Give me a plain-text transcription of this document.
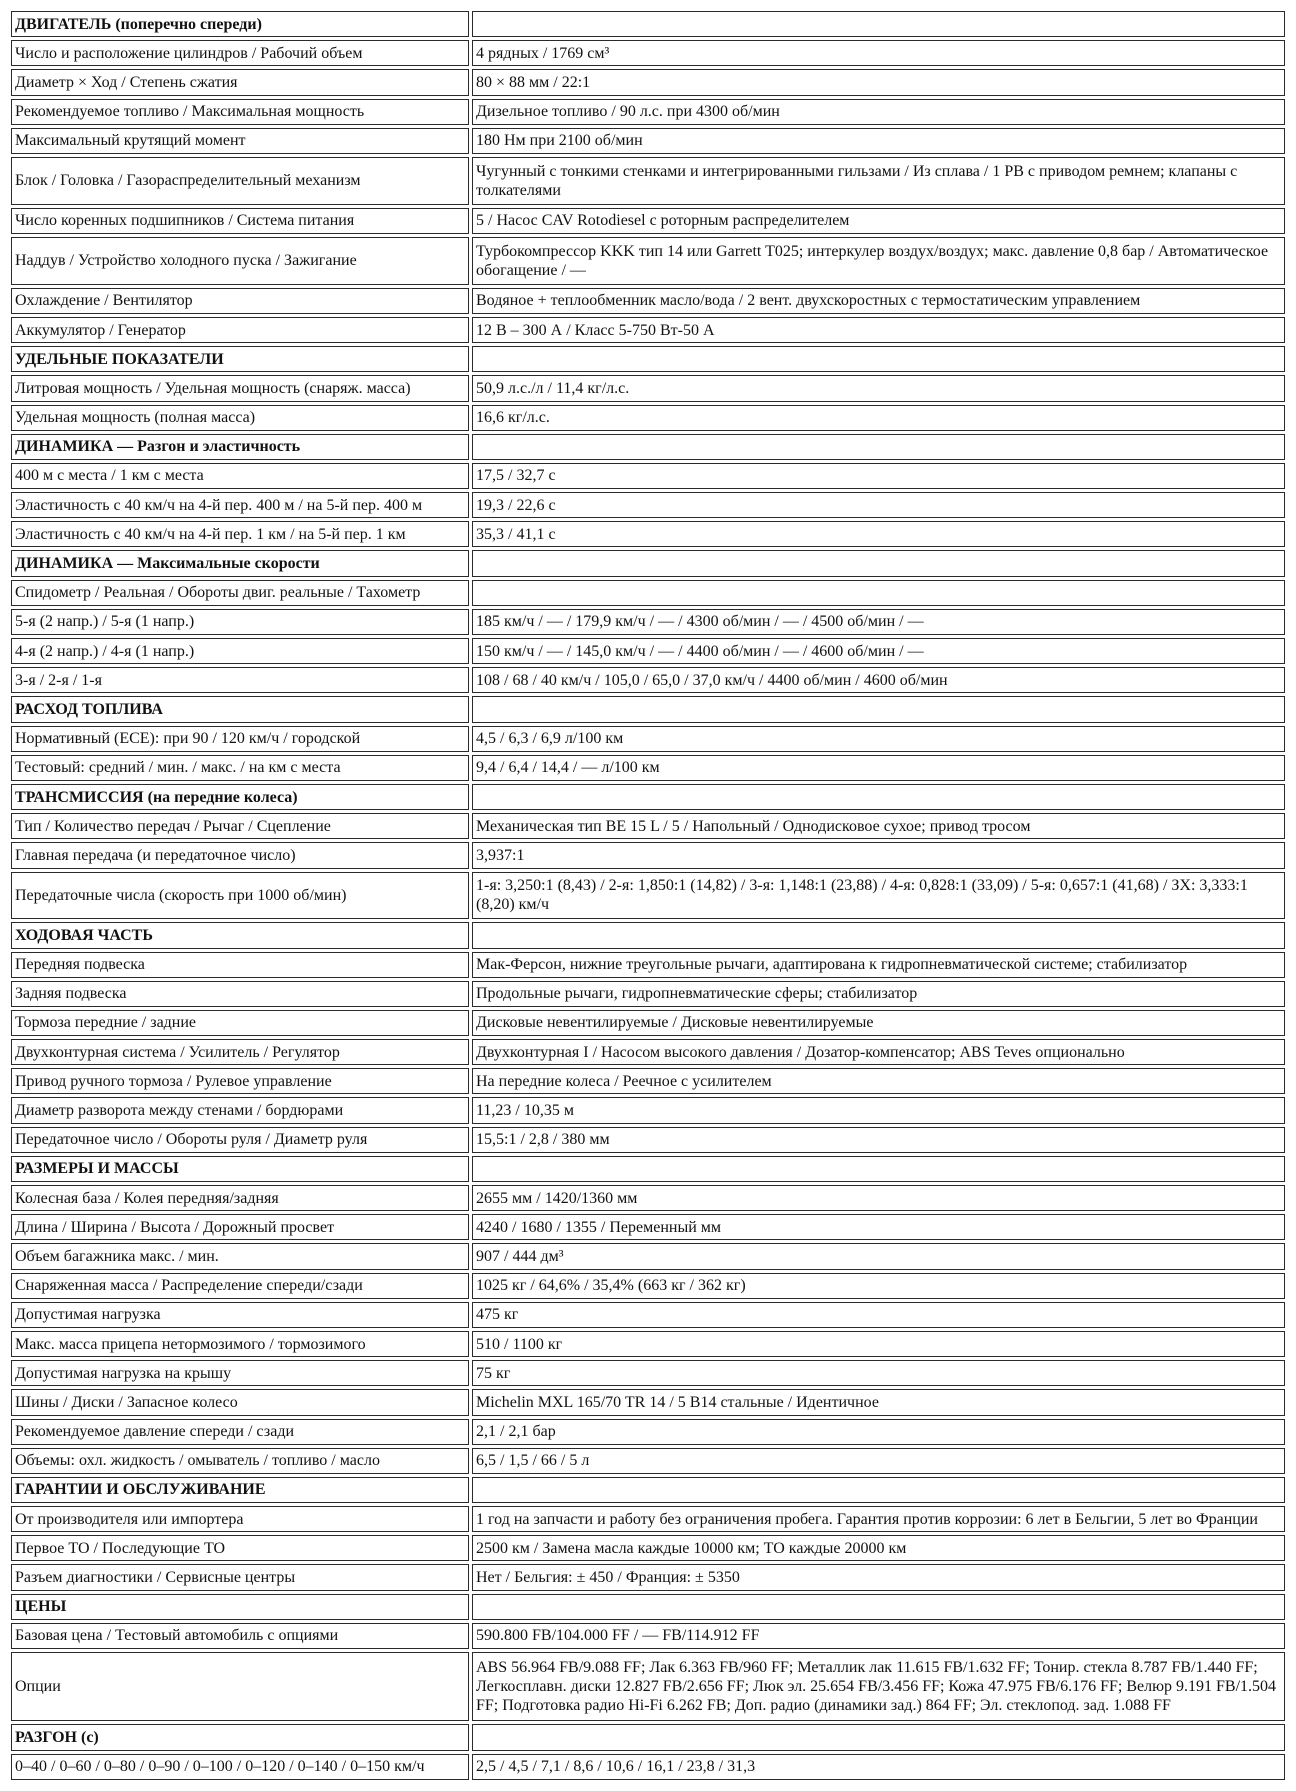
ДВИГАТЕЛЬ (поперечно спереди)	
Число и расположение цилиндров / Рабочий объем	4 рядных / 1769 см³
Диаметр × Ход / Степень сжатия	80 × 88 мм / 22:1
Рекомендуемое топливо / Максимальная мощность	Дизельное топливо / 90 л.с. при 4300 об/мин
Максимальный крутящий момент	180 Нм при 2100 об/мин
Блок / Головка / Газораспределительный механизм	Чугунный с тонкими стенками и интегрированными гильзами / Из сплава / 1 РВ с приводом ремнем; клапаны с толкателями
Число коренных подшипников / Система питания	5 / Насос CAV Rotodiesel с роторным распределителем
Наддув / Устройство холодного пуска / Зажигание	Турбокомпрессор KKK тип 14 или Garrett T025; интеркулер воздух/воздух; макс. давление 0,8 бар / Автоматическое обогащение / —
Охлаждение / Вентилятор	Водяное + теплообменник масло/вода / 2 вент. двухскоростных с термостатическим управлением
Аккумулятор / Генератор	12 В – 300 А / Класс 5-750 Вт-50 А
УДЕЛЬНЫЕ ПОКАЗАТЕЛИ	
Литровая мощность / Удельная мощность (снаряж. масса)	50,9 л.с./л / 11,4 кг/л.с.
Удельная мощность (полная масса)	16,6 кг/л.с.
ДИНАМИКА — Разгон и эластичность	
400 м с места / 1 км с места	17,5 / 32,7 с
Эластичность с 40 км/ч на 4-й пер. 400 м / на 5-й пер. 400 м	19,3 / 22,6 с
Эластичность с 40 км/ч на 4-й пер. 1 км / на 5-й пер. 1 км	35,3 / 41,1 с
ДИНАМИКА — Максимальные скорости	
Спидометр / Реальная / Обороты двиг. реальные / Тахометр	
5-я (2 напр.) / 5-я (1 напр.)	185 км/ч / — / 179,9 км/ч / — / 4300 об/мин / — / 4500 об/мин / —
4-я (2 напр.) / 4-я (1 напр.)	150 км/ч / — / 145,0 км/ч / — / 4400 об/мин / — / 4600 об/мин / —
3-я / 2-я / 1-я	108 / 68 / 40 км/ч / 105,0 / 65,0 / 37,0 км/ч / 4400 об/мин / 4600 об/мин
РАСХОД ТОПЛИВА	
Нормативный (ECE): при 90 / 120 км/ч / городской	4,5 / 6,3 / 6,9 л/100 км
Тестовый: средний / мин. / макс. / на км с места	9,4 / 6,4 / 14,4 / — л/100 км
ТРАНСМИССИЯ (на передние колеса)	
Тип / Количество передач / Рычаг / Сцепление	Механическая тип BE 15 L / 5 / Напольный / Однодисковое сухое; привод тросом
Главная передача (и передаточное число)	3,937:1
Передаточные числа (скорость при 1000 об/мин)	1-я: 3,250:1 (8,43) / 2-я: 1,850:1 (14,82) / 3-я: 1,148:1 (23,88) / 4-я: 0,828:1 (33,09) / 5-я: 0,657:1 (41,68) / ЗХ: 3,333:1 (8,20) км/ч
ХОДОВАЯ ЧАСТЬ	
Передняя подвеска	Мак-Ферсон, нижние треугольные рычаги, адаптирована к гидропневматической системе; стабилизатор
Задняя подвеска	Продольные рычаги, гидропневматические сферы; стабилизатор
Тормоза передние / задние	Дисковые невентилируемые / Дисковые невентилируемые
Двухконтурная система / Усилитель / Регулятор	Двухконтурная I / Насосом высокого давления / Дозатор-компенсатор; ABS Teves опционально
Привод ручного тормоза / Рулевое управление	На передние колеса / Реечное с усилителем
Диаметр разворота между стенами / бордюрами	11,23 / 10,35 м
Передаточное число / Обороты руля / Диаметр руля	15,5:1 / 2,8 / 380 мм
РАЗМЕРЫ И МАССЫ	
Колесная база / Колея передняя/задняя	2655 мм / 1420/1360 мм
Длина / Ширина / Высота / Дорожный просвет	4240 / 1680 / 1355 / Переменный мм
Объем багажника макс. / мин.	907 / 444 дм³
Снаряженная масса / Распределение спереди/сзади	1025 кг / 64,6% / 35,4% (663 кг / 362 кг)
Допустимая нагрузка	475 кг
Макс. масса прицепа нетормозимого / тормозимого	510 / 1100 кг
Допустимая нагрузка на крышу	75 кг
Шины / Диски / Запасное колесо	Michelin MXL 165/70 TR 14 / 5 B14 стальные / Идентичное
Рекомендуемое давление спереди / сзади	2,1 / 2,1 бар
Объемы: охл. жидкость / омыватель / топливо / масло	6,5 / 1,5 / 66 / 5 л
ГАРАНТИИ И ОБСЛУЖИВАНИЕ	
От производителя или импортера	1 год на запчасти и работу без ограничения пробега. Гарантия против коррозии: 6 лет в Бельгии, 5 лет во Франции
Первое ТО / Последующие ТО	2500 км / Замена масла каждые 10000 км; ТО каждые 20000 км
Разъем диагностики / Сервисные центры	Нет / Бельгия: ± 450 / Франция: ± 5350
ЦЕНЫ	
Базовая цена / Тестовый автомобиль с опциями	590.800 FB/104.000 FF / — FB/114.912 FF
Опции	ABS 56.964 FB/9.088 FF; Лак 6.363 FB/960 FF; Металлик лак 11.615 FB/1.632 FF; Тонир. стекла 8.787 FB/1.440 FF; Легкосплавн. диски 12.827 FB/2.656 FF; Люк эл. 25.654 FB/3.456 FF; Кожа 47.975 FB/6.176 FF; Велюр 9.191 FB/1.504 FF; Подготовка радио Hi-Fi 6.262 FB; Доп. радио (динамики зад.) 864 FF; Эл. стеклопод. зад. 1.088 FF
РАЗГОН (с)	
0–40 / 0–60 / 0–80 / 0–90 / 0–100 / 0–120 / 0–140 / 0–150 км/ч	2,5 / 4,5 / 7,1 / 8,6 / 10,6 / 16,1 / 23,8 / 31,3
